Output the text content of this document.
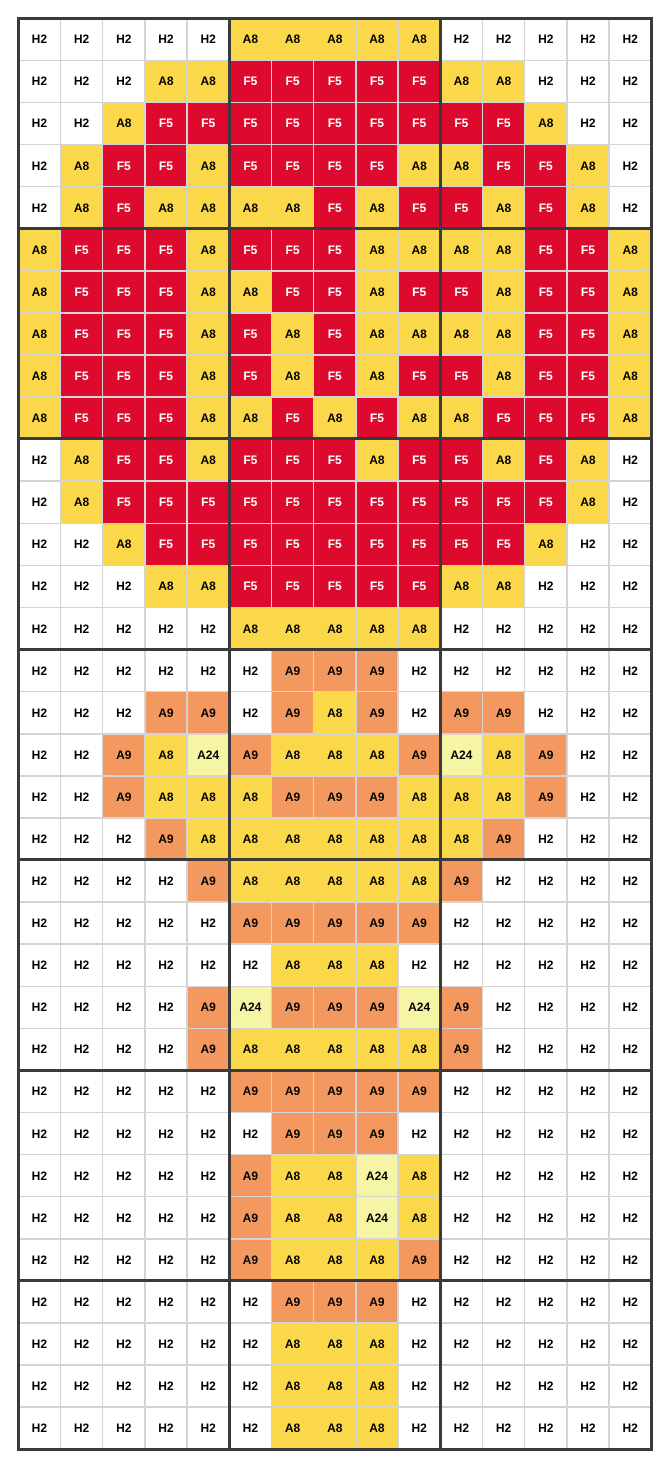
H2	H2	H2	H2	H2	A8	A8	A8	A8	A8	H2	H2	H2	H2	H2
H2	H2	H2	A8	A8	F5	F5	F5	F5	F5	A8	A8	H2	H2	H2
H2	H2	A8	F5	F5	F5	F5	F5	F5	F5	F5	F5	A8	H2	H2
H2	A8	F5	F5	A8	F5	F5	F5	F5	A8	A8	F5	F5	A8	H2
H2	A8	F5	A8	A8	A8	A8	F5	A8	F5	F5	A8	F5	A8	H2
A8	F5	F5	F5	A8	F5	F5	F5	A8	A8	A8	A8	F5	F5	A8
A8	F5	F5	F5	A8	A8	F5	F5	A8	F5	F5	A8	F5	F5	A8
A8	F5	F5	F5	A8	F5	A8	F5	A8	A8	A8	A8	F5	F5	A8
A8	F5	F5	F5	A8	F5	A8	F5	A8	F5	F5	A8	F5	F5	A8
A8	F5	F5	F5	A8	A8	F5	A8	F5	A8	A8	F5	F5	F5	A8
H2	A8	F5	F5	A8	F5	F5	F5	A8	F5	F5	A8	F5	A8	H2
H2	A8	F5	F5	F5	F5	F5	F5	F5	F5	F5	F5	F5	A8	H2
H2	H2	A8	F5	F5	F5	F5	F5	F5	F5	F5	F5	A8	H2	H2
H2	H2	H2	A8	A8	F5	F5	F5	F5	F5	A8	A8	H2	H2	H2
H2	H2	H2	H2	H2	A8	A8	A8	A8	A8	H2	H2	H2	H2	H2
H2	H2	H2	H2	H2	H2	A9	A9	A9	H2	H2	H2	H2	H2	H2
H2	H2	H2	A9	A9	H2	A9	A8	A9	H2	A9	A9	H2	H2	H2
H2	H2	A9	A8	A24	A9	A8	A8	A8	A9	A24	A8	A9	H2	H2
H2	H2	A9	A8	A8	A8	A9	A9	A9	A8	A8	A8	A9	H2	H2
H2	H2	H2	A9	A8	A8	A8	A8	A8	A8	A8	A9	H2	H2	H2
H2	H2	H2	H2	A9	A8	A8	A8	A8	A8	A9	H2	H2	H2	H2
H2	H2	H2	H2	H2	A9	A9	A9	A9	A9	H2	H2	H2	H2	H2
H2	H2	H2	H2	H2	H2	A8	A8	A8	H2	H2	H2	H2	H2	H2
H2	H2	H2	H2	A9	A24	A9	A9	A9	A24	A9	H2	H2	H2	H2
H2	H2	H2	H2	A9	A8	A8	A8	A8	A8	A9	H2	H2	H2	H2
H2	H2	H2	H2	H2	A9	A9	A9	A9	A9	H2	H2	H2	H2	H2
H2	H2	H2	H2	H2	H2	A9	A9	A9	H2	H2	H2	H2	H2	H2
H2	H2	H2	H2	H2	A9	A8	A8	A24	A8	H2	H2	H2	H2	H2
H2	H2	H2	H2	H2	A9	A8	A8	A24	A8	H2	H2	H2	H2	H2
H2	H2	H2	H2	H2	A9	A8	A8	A8	A9	H2	H2	H2	H2	H2
H2	H2	H2	H2	H2	H2	A9	A9	A9	H2	H2	H2	H2	H2	H2
H2	H2	H2	H2	H2	H2	A8	A8	A8	H2	H2	H2	H2	H2	H2
H2	H2	H2	H2	H2	H2	A8	A8	A8	H2	H2	H2	H2	H2	H2
H2	H2	H2	H2	H2	H2	A8	A8	A8	H2	H2	H2	H2	H2	H2
